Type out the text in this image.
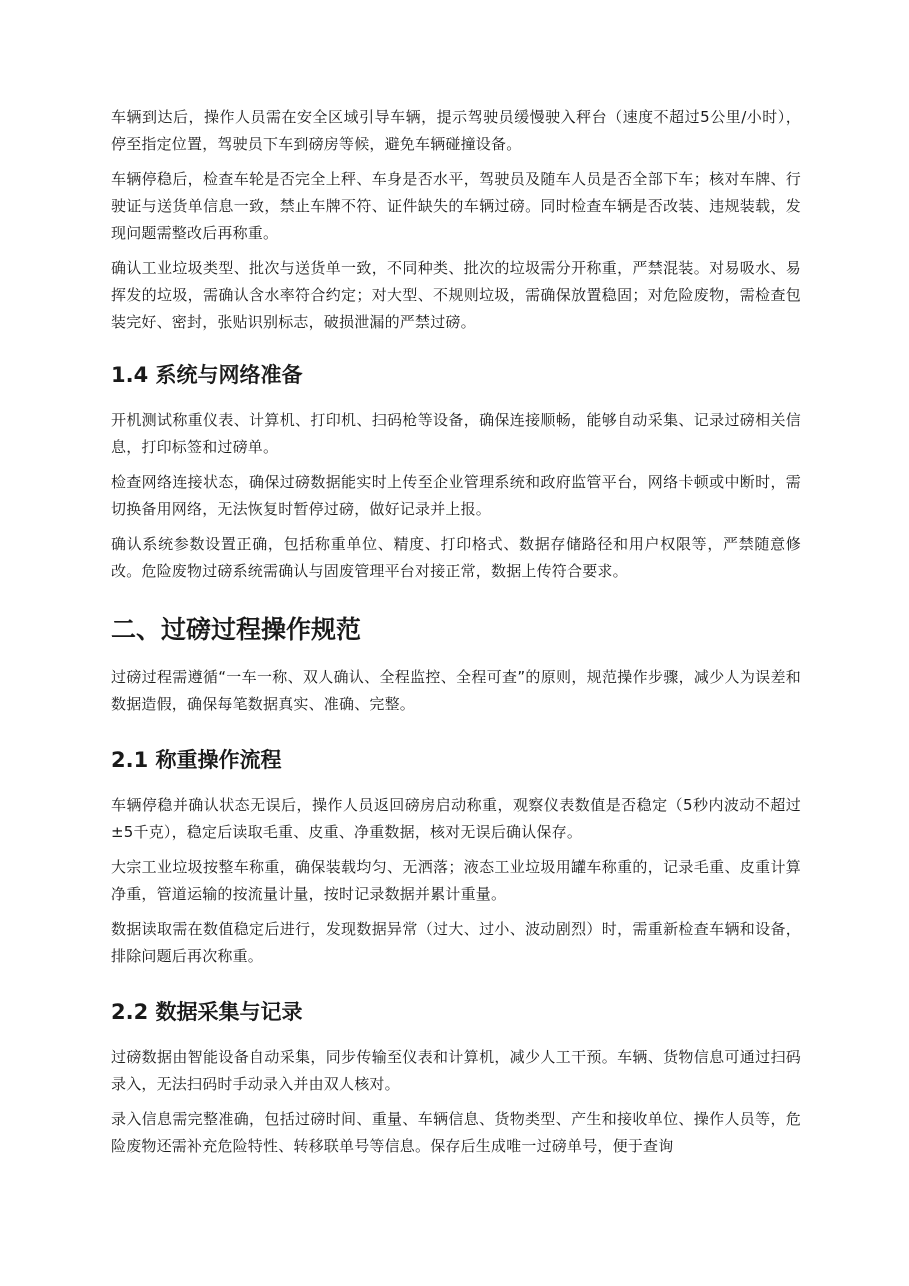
车辆到达后，操作人员需在安全区域引导车辆，提示驾驶员缓慢驶入秤台（速度不超过5公里/小时），停至指定位置，驾驶员下车到磅房等候，避免车辆碰撞设备。

车辆停稳后，检查车轮是否完全上秤、车身是否水平，驾驶员及随车人员是否全部下车；核对车牌、行驶证与送货单信息一致，禁止车牌不符、证件缺失的车辆过磅。同时检查车辆是否改装、违规装载，发现问题需整改后再称重。

确认工业垃圾类型、批次与送货单一致，不同种类、批次的垃圾需分开称重，严禁混装。对易吸水、易挥发的垃圾，需确认含水率符合约定；对大型、不规则垃圾，需确保放置稳固；对危险废物，需检查包装完好、密封，张贴识别标志，破损泄漏的严禁过磅。

1.4 系统与网络准备

开机测试称重仪表、计算机、打印机、扫码枪等设备，确保连接顺畅，能够自动采集、记录过磅相关信息，打印标签和过磅单。

检查网络连接状态，确保过磅数据能实时上传至企业管理系统和政府监管平台，网络卡顿或中断时，需切换备用网络，无法恢复时暂停过磅，做好记录并上报。

确认系统参数设置正确，包括称重单位、精度、打印格式、数据存储路径和用户权限等，严禁随意修改。危险废物过磅系统需确认与固废管理平台对接正常，数据上传符合要求。

二、过磅过程操作规范

过磅过程需遵循“一车一称、双人确认、全程监控、全程可查”的原则，规范操作步骤，减少人为误差和数据造假，确保每笔数据真实、准确、完整。

2.1 称重操作流程

车辆停稳并确认状态无误后，操作人员返回磅房启动称重，观察仪表数值是否稳定（5秒内波动不超过±5千克），稳定后读取毛重、皮重、净重数据，核对无误后确认保存。

大宗工业垃圾按整车称重，确保装载均匀、无洒落；液态工业垃圾用罐车称重的，记录毛重、皮重计算净重，管道运输的按流量计量，按时记录数据并累计重量。

数据读取需在数值稳定后进行，发现数据异常（过大、过小、波动剧烈）时，需重新检查车辆和设备，排除问题后再次称重。

2.2 数据采集与记录

过磅数据由智能设备自动采集，同步传输至仪表和计算机，减少人工干预。车辆、货物信息可通过扫码录入，无法扫码时手动录入并由双人核对。

录入信息需完整准确，包括过磅时间、重量、车辆信息、货物类型、产生和接收单位、操作人员等，危险废物还需补充危险特性、转移联单号等信息。保存后生成唯一过磅单号，便于查询
